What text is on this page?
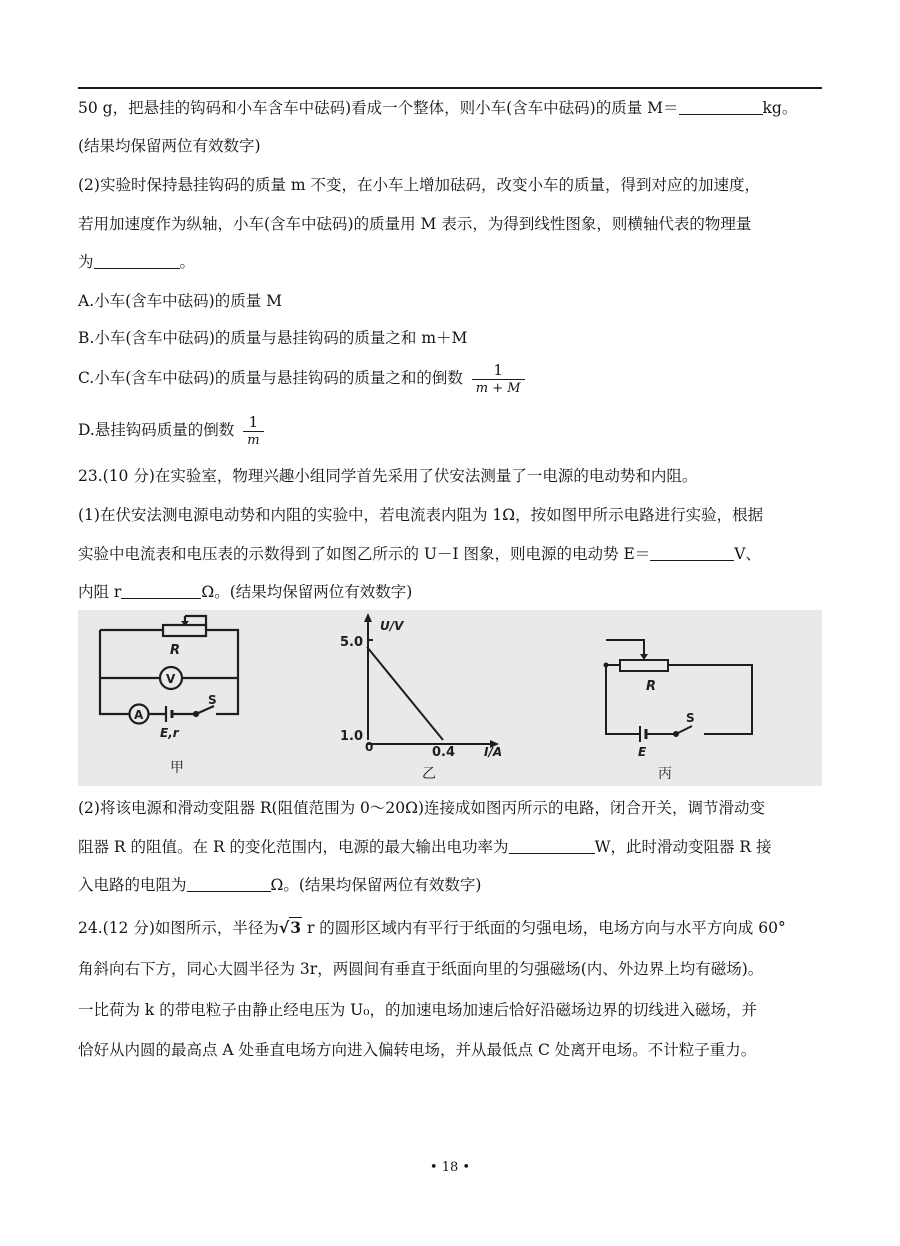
50 g，把悬挂的钩码和小车含车中砝码)看成一个整体，则小车(含车中砝码)的质量 M＝	kg。
(结果均保留两位有效数字)
(2)实验时保持悬挂钩码的质量 m 不变，在小车上增加砝码，改变小车的质量，得到对应的加速度，
若用加速度作为纵轴，小车(含车中砝码)的质量用 M 表示，为得到线性图象，则横轴代表的物理量
为	。
A.小车(含车中砝码)的质量 M
B.小车(含车中砝码)的质量与悬挂钩码的质量之和 m＋M
C.小车(含车中砝码)的质量与悬挂钩码的质量之和的倒数 $\frac{1}{m + M}$
D.悬挂钩码质量的倒数 $\frac{1}{m}$
23.(10 分)在实验室，物理兴趣小组同学首先采用了伏安法测量了一电源的电动势和内阻。
(1)在伏安法测电源电动势和内阻的实验中，若电流表内阻为 1Ω，按如图甲所示电路进行实验，根据
实验中电流表和电压表的示数得到了如图乙所示的 U－I 图象，则电源的电动势 E＝	V、
内阻 r	Ω。(结果均保留两位有效数字)
R
V
A
S
E,r
甲
U/V
5.0
1.0
0	0.4 I/A
乙
R
S
E
丙
(2)将该电源和滑动变阻器 R(阻值范围为 0～20Ω)连接成如图丙所示的电路，闭合开关，调节滑动变
阻器 R 的阻值。在 R 的变化范围内，电源的最大输出电功率为	W，此时滑动变阻器 R 接
入电路的电阻为	Ω。(结果均保留两位有效数字)
24.(12 分)如图所示，半径为√3 r 的圆形区域内有平行于纸面的匀强电场，电场方向与水平方向成 60°
角斜向右下方，同心大圆半径为 3r，两圆间有垂直于纸面向里的匀强磁场(内、外边界上均有磁场)。
一比荷为 k 的带电粒子由静止经电压为 U₀，的加速电场加速后恰好沿磁场边界的切线进入磁场，并
恰好从内圆的最高点 A 处垂直电场方向进入偏转电场，并从最低点 C 处离开电场。不计粒子重力。
• 18 •
